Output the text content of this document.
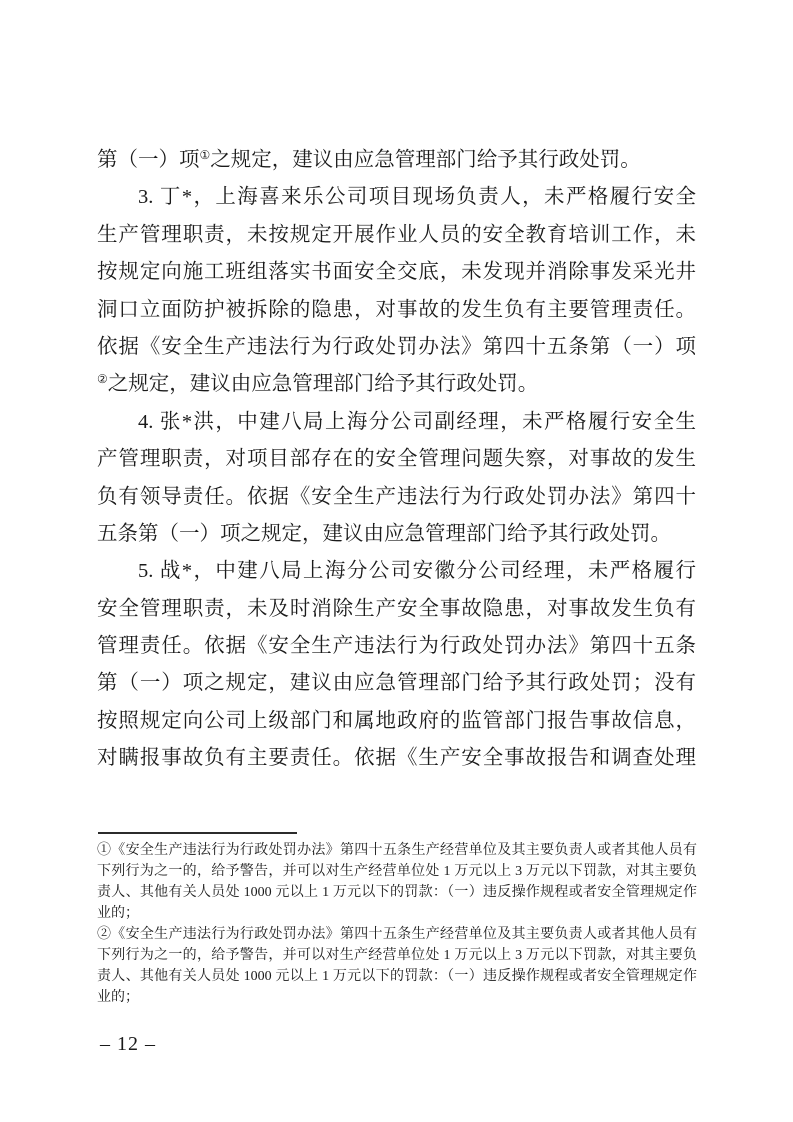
第（一）项①之规定，建议由应急管理部门给予其行政处罚。
3. 丁*，上海喜来乐公司项目现场负责人，未严格履行安全
生产管理职责，未按规定开展作业人员的安全教育培训工作，未
按规定向施工班组落实书面安全交底，未发现并消除事发采光井
洞口立面防护被拆除的隐患，对事故的发生负有主要管理责任。
依据《安全生产违法行为行政处罚办法》第四十五条第（一）项
②之规定，建议由应急管理部门给予其行政处罚。
4. 张*洪，中建八局上海分公司副经理，未严格履行安全生
产管理职责，对项目部存在的安全管理问题失察，对事故的发生
负有领导责任。依据《安全生产违法行为行政处罚办法》第四十
五条第（一）项之规定，建议由应急管理部门给予其行政处罚。
5. 战*，中建八局上海分公司安徽分公司经理，未严格履行
安全管理职责，未及时消除生产安全事故隐患，对事故发生负有
管理责任。依据《安全生产违法行为行政处罚办法》第四十五条
第（一）项之规定，建议由应急管理部门给予其行政处罚；没有
按照规定向公司上级部门和属地政府的监管部门报告事故信息，
对瞒报事故负有主要责任。依据《生产安全事故报告和调查处理
①《安全生产违法行为行政处罚办法》第四十五条生产经营单位及其主要负责人或者其他人员有
下列行为之一的，给予警告，并可以对生产经营单位处 1 万元以上 3 万元以下罚款，对其主要负
责人、其他有关人员处 1000 元以上 1 万元以下的罚款：（一）违反操作规程或者安全管理规定作
业的；
②《安全生产违法行为行政处罚办法》第四十五条生产经营单位及其主要负责人或者其他人员有
下列行为之一的，给予警告，并可以对生产经营单位处 1 万元以上 3 万元以下罚款，对其主要负
责人、其他有关人员处 1000 元以上 1 万元以下的罚款：（一）违反操作规程或者安全管理规定作
业的；
– 12 –
